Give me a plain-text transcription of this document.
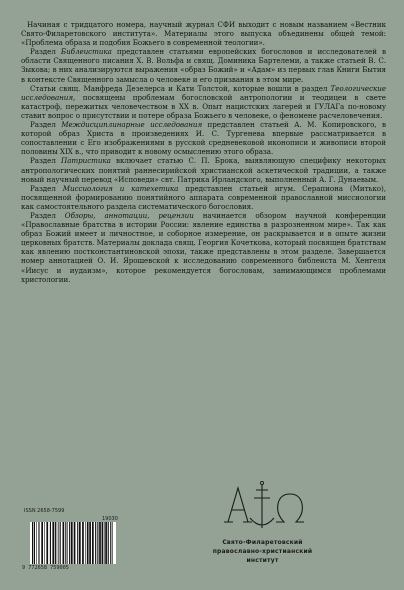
Начиная с тридцатого номера, научный журнал СФИ выходит с новым названием «Вестник Свято-Филаретовского института». Материалы этого выпуска объединены общей темой: «Проблема образа и подобия Божьего в современной теологии».

Раздел Библеистика представлен статьями европейских богословов и исследователей в области Священного писания Х. В. Вольфа и свящ. Доминика Бартелеми, а также статьей В. С. Зыкова; в них анализируются выражения «образ Божий» и «Адам» из первых глав Книги Бытия в контексте Священного замысла о человеке и его призвания в этом мире.

Статьи свящ. Манфреда Дезелерса и Кати Толстой, которые вошли в раздел Теологические исследования, посвящены проблемам богословской антропологии и теодицеи в свете катастроф, пережитых человечеством в XX в. Опыт нацистских лагерей и ГУЛАГа по-новому ставит вопрос о присутствии и потере образа Божьего в человеке, о феномене расчеловечения.

Раздел Междисциплинарные исследования представлен статьей А. М. Копировского, в которой образ Христа в произведениях И. С. Тургенева впервые рассматривается в сопоставлении с Его изображениями в русской средневековой иконописи и живописи второй половины XIX в., что приводит к новому осмыслению этого образа.

Раздел Патристика включает статью С. П. Брока, выявляющую специфику некоторых антропологических понятий раннесирийской христианской аскетической традиции, а также новый научный перевод «Исповеди» свт. Патрика Ирландского, выполненный А. Г. Дунаевым.

Раздел Миссиология и катехетика представлен статьей игум. Серапиона (Митько), посвященной формированию понятийного аппарата современной православной миссиологии как самостоятельного раздела систематического богословия.

Раздел Обзоры, аннотации, рецензии начинается обзором научной конференции «Православные братства в истории России: явление единства в разрозненном мире». Так как образ Божий имеет и личностное, и соборное измерение, он раскрывается и в опыте жизни церковных братств. Материалы доклада свящ. Георгия Кочеткова, который посвящен братствам как явлению постконстантиновской эпохи, также представлены в этом разделе. Завершается номер аннотацией О. И. Ярошевской к исследованию современного библеиста М. Хенгеля «Иисус и иудаизм», которое рекомендуется богословам, занимающимся проблемами христологии.

ISSN 2658-7599
19030
9 772658 759005
Свято-Филаретовский
православно-христианский
институт
